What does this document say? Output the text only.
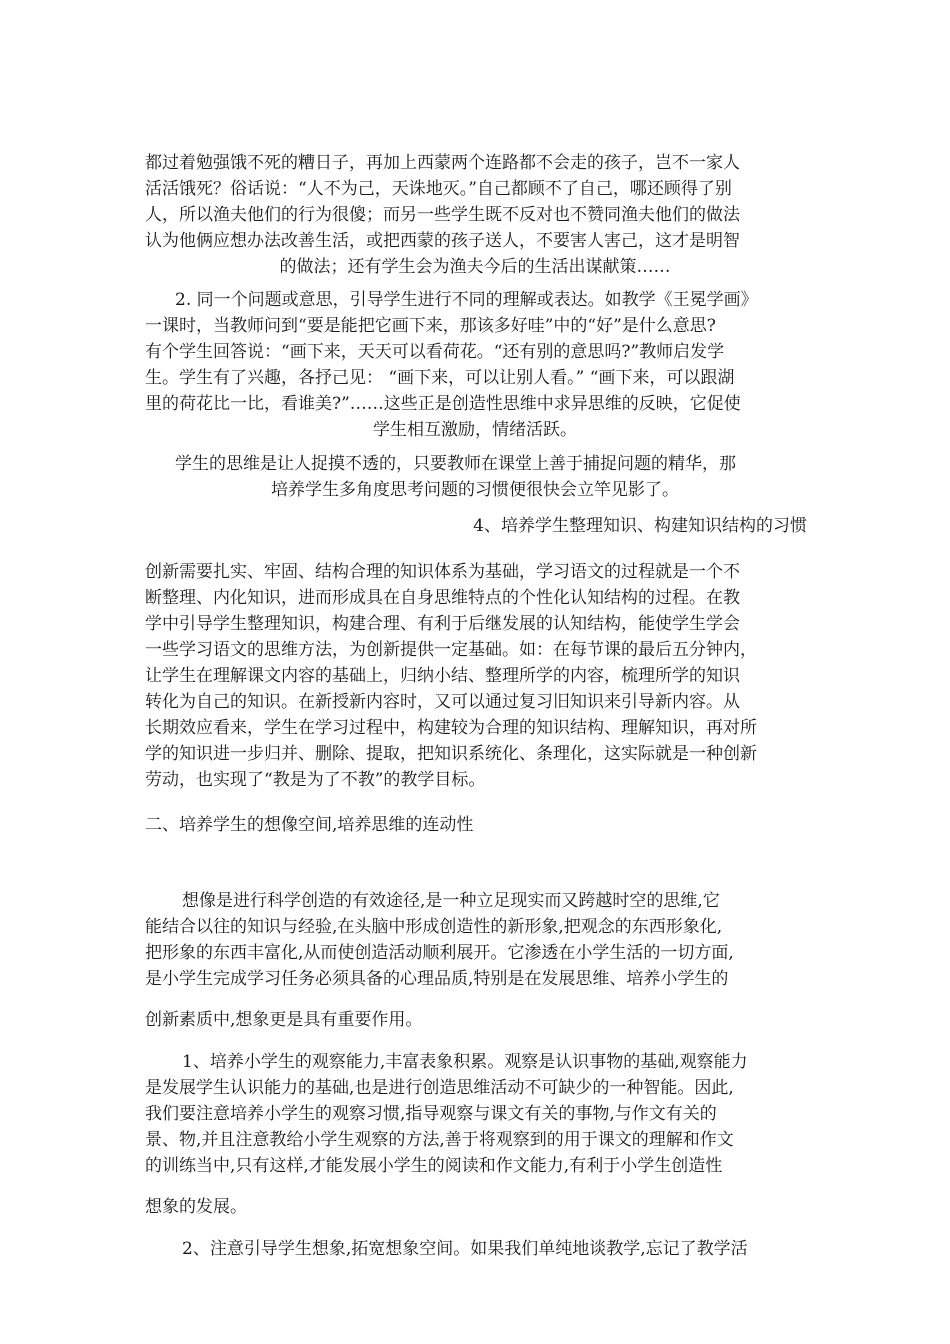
都过着勉强饿不死的糟日子，再加上西蒙两个连路都不会走的孩子，岂不一家人
活活饿死？俗话说：“人不为己，天诛地灭。”自己都顾不了自己，哪还顾得了别
人，所以渔夫他们的行为很傻；而另一些学生既不反对也不赞同渔夫他们的做法
认为他俩应想办法改善生活，或把西蒙的孩子送人，不要害人害己，这才是明智
的做法；还有学生会为渔夫今后的生活出谋献策……
2. 同一个问题或意思，引导学生进行不同的理解或表达。如教学《王冕学画》
一课时，当教师问到“要是能把它画下来，那该多好哇”中的“好”是什么意思?
有个学生回答说：“画下来，天天可以看荷花。“还有别的意思吗?”教师启发学
生。学生有了兴趣，各抒己见： “画下来，可以让别人看。” “画下来，可以跟湖
里的荷花比一比，看谁美?”……这些正是创造性思维中求异思维的反映，它促使
学生相互激励，情绪活跃。
学生的思维是让人捉摸不透的，只要教师在课堂上善于捕捉问题的精华，那
培养学生多角度思考问题的习惯便很快会立竿见影了。
4、培养学生整理知识、构建知识结构的习惯
创新需要扎实、牢固、结构合理的知识体系为基础，学习语文的过程就是一个不
断整理、内化知识，进而形成具在自身思维特点的个性化认知结构的过程。在教
学中引导学生整理知识，构建合理、有利于后继发展的认知结构，能使学生学会
一些学习语文的思维方法，为创新提供一定基础。如：在每节课的最后五分钟内，
让学生在理解课文内容的基础上，归纳小结、整理所学的内容，梳理所学的知识
转化为自己的知识。在新授新内容时，又可以通过复习旧知识来引导新内容。从
长期效应看来，学生在学习过程中，构建较为合理的知识结构、理解知识，再对所
学的知识进一步归并、删除、提取，把知识系统化、条理化，这实际就是一种创新
劳动，也实现了“教是为了不教”的教学目标。
二、培养学生的想像空间,培养思维的连动性
想像是进行科学创造的有效途径,是一种立足现实而又跨越时空的思维,它
能结合以往的知识与经验,在头脑中形成创造性的新形象,把观念的东西形象化,
把形象的东西丰富化,从而使创造活动顺利展开。它渗透在小学生活的一切方面,
是小学生完成学习任务必须具备的心理品质,特别是在发展思维、培养小学生的
创新素质中,想象更是具有重要作用。
1、培养小学生的观察能力,丰富表象积累。观察是认识事物的基础,观察能力
是发展学生认识能力的基础,也是进行创造思维活动不可缺少的一种智能。因此,
我们要注意培养小学生的观察习惯,指导观察与课文有关的事物,与作文有关的
景、物,并且注意教给小学生观察的方法,善于将观察到的用于课文的理解和作文
的训练当中,只有这样,才能发展小学生的阅读和作文能力,有利于小学生创造性
想象的发展。
2、注意引导学生想象,拓宽想象空间。如果我们单纯地谈教学,忘记了教学活
